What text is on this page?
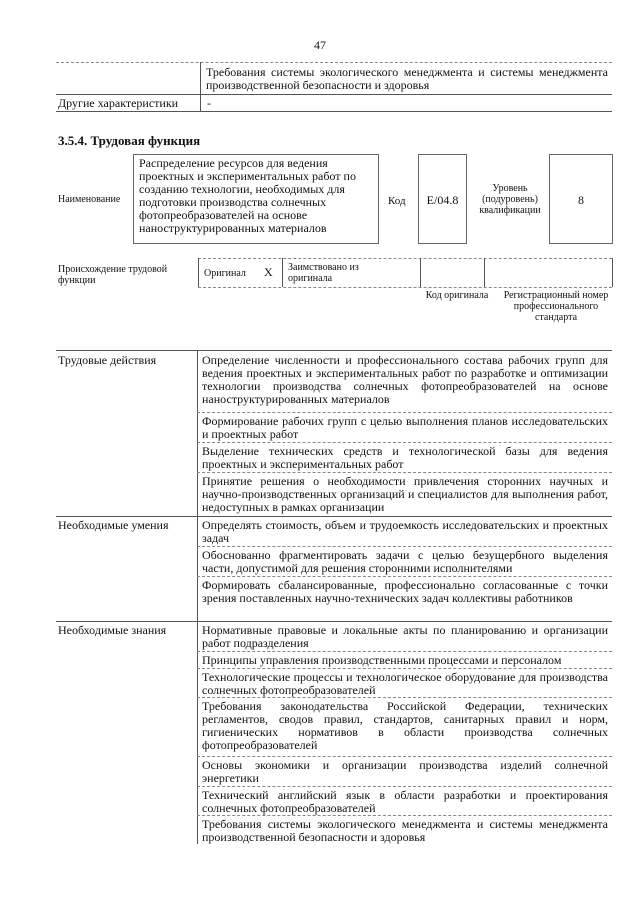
47
Требования системы экологического менеджмента и системы менеджмента производственной безопасности и здоровья
Другие характеристики -
3.5.4. Трудовая функция
Наименование
Распределение ресурсов для ведения проектных и экспериментальных работ по созданию технологии, необходимых для подготовки производства солнечных фотопреобразователей на основе наноструктурированных материалов
Код	E/04.8
Уровень (подуровень) квалификации
8
Происхождение трудовой функции
Оригинал X Заимствовано из оригинала
Код оригинала	Регистрационный номер профессионального стандарта
Трудовые действия	Определение численности и профессионального состава рабочих групп для ведения проектных и экспериментальных работ по разработке и оптимизации технологии производства солнечных фотопреобразователей на основе наноструктурированных материалов
Формирование рабочих групп с целью выполнения планов исследовательских и проектных работ
Выделение технических средств и технологической базы для ведения проектных и экспериментальных работ
Принятие решения о необходимости привлечения сторонних научных и научно-производственных организаций и специалистов для выполнения работ, недоступных в рамках организации
Необходимые умения	Определять стоимость, объем и трудоемкость исследовательских и проектных задач
Обоснованно фрагментировать задачи с целью безущербного выделения части, допустимой для решения сторонними исполнителями
Формировать сбалансированные, профессионально согласованные с точки зрения поставленных научно-технических задач коллективы работников
Необходимые знания	Нормативные правовые и локальные акты по планированию и организации работ подразделения
Принципы управления производственными процессами и персоналом
Технологические процессы и технологическое оборудование для производства солнечных фотопреобразователей
Требования законодательства Российской Федерации, технических регламентов, сводов правил, стандартов, санитарных правил и норм, гигиенических нормативов в области производства солнечных фотопреобразователей
Основы экономики и организации производства изделий солнечной энергетики
Технический английский язык в области разработки и проектирования солнечных фотопреобразователей
Требования системы экологического менеджмента и системы менеджмента производственной безопасности и здоровья
